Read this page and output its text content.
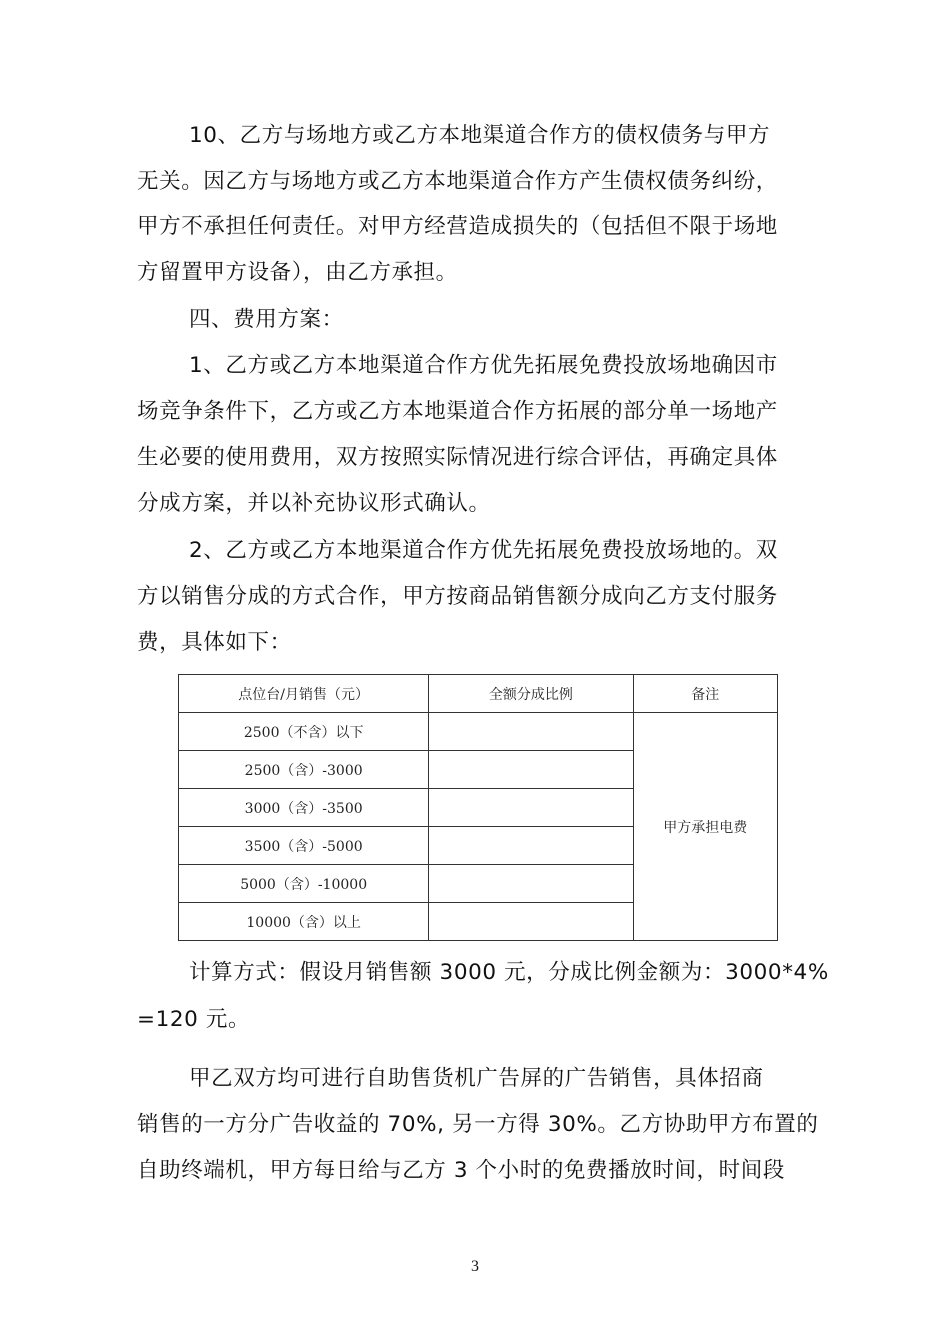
10、乙方与场地方或乙方本地渠道合作方的债权债务与甲方
无关。因乙方与场地方或乙方本地渠道合作方产生债权债务纠纷，
甲方不承担任何责任。对甲方经营造成损失的（包括但不限于场地
方留置甲方设备），由乙方承担。
四、费用方案：
1、乙方或乙方本地渠道合作方优先拓展免费投放场地确因市
场竞争条件下，乙方或乙方本地渠道合作方拓展的部分单一场地产
生必要的使用费用，双方按照实际情况进行综合评估，再确定具体
分成方案，并以补充协议形式确认。
2、乙方或乙方本地渠道合作方优先拓展免费投放场地的。双
方以销售分成的方式合作，甲方按商品销售额分成向乙方支付服务
费，具体如下：
点位台/月销售（元）	全额分成比例	备注
2500（不含）以下		甲方承担电费
2500（含）-3000		
3000（含）-3500		
3500（含）-5000		
5000（含）-10000		
10000（含）以上		
计算方式：假设月销售额 3000 元，分成比例金额为：3000*4%
=120 元。
甲乙双方均可进行自助售货机广告屏的广告销售，具体招商
销售的一方分广告收益的 70%, 另一方得 30%。乙方协助甲方布置的
自助终端机，甲方每日给与乙方 3 个小时的免费播放时间，时间段
3
